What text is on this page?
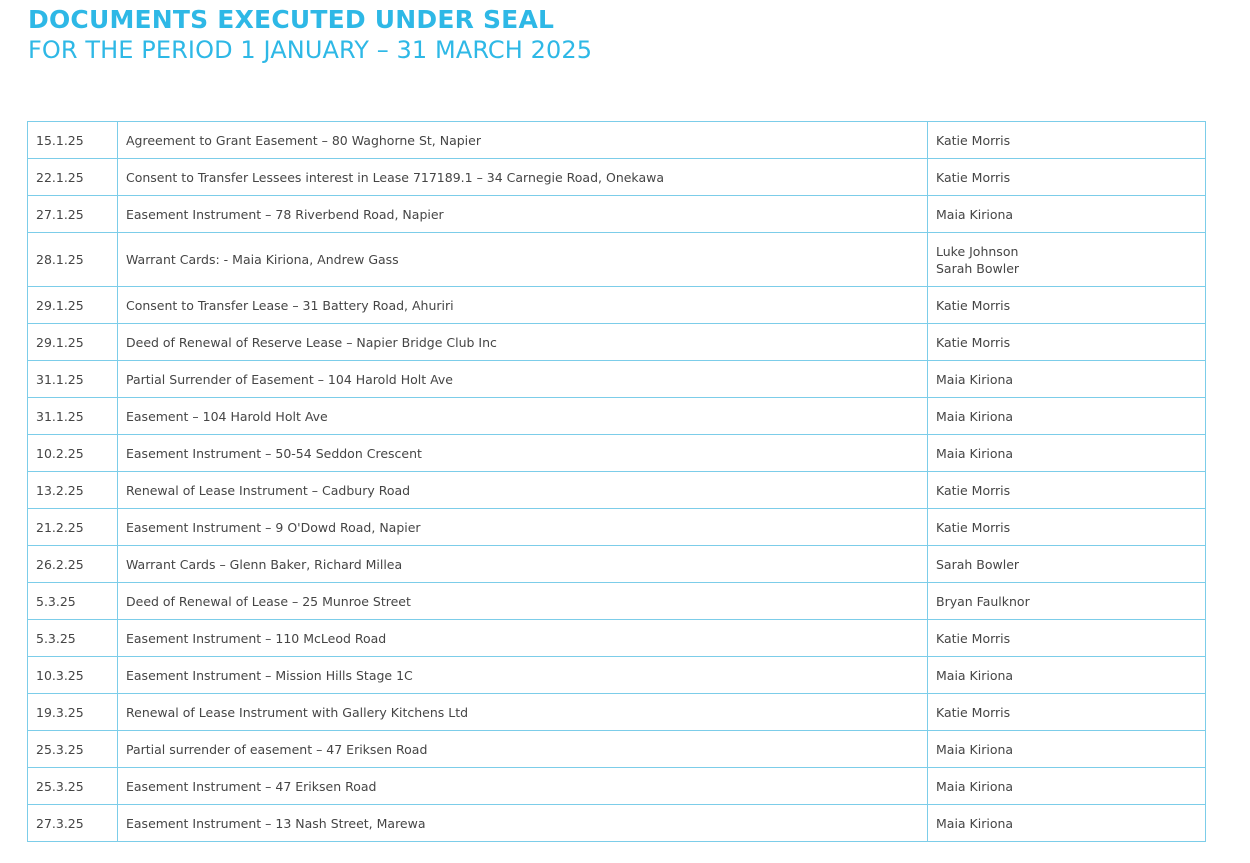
DOCUMENTS EXECUTED UNDER SEAL
FOR THE PERIOD 1 JANUARY – 31 MARCH 2025
15.1.25	Agreement to Grant Easement – 80 Waghorne St, Napier	Katie Morris

22.1.25	Consent to Transfer Lessees interest in Lease 717189.1 – 34 Carnegie Road, Onekawa	Katie Morris

27.1.25	Easement Instrument – 78 Riverbend Road, Napier	Maia Kiriona

28.1.25	Warrant Cards: - Maia Kiriona, Andrew Gass	Luke Johnson
Sarah Bowler

29.1.25	Consent to Transfer Lease – 31 Battery Road, Ahuriri	Katie Morris

29.1.25	Deed of Renewal of Reserve Lease – Napier Bridge Club Inc	Katie Morris

31.1.25	Partial Surrender of Easement – 104 Harold Holt Ave	Maia Kiriona

31.1.25	Easement – 104 Harold Holt Ave	Maia Kiriona

10.2.25	Easement Instrument – 50-54 Seddon Crescent	Maia Kiriona

13.2.25	Renewal of Lease Instrument – Cadbury Road	Katie Morris

21.2.25	Easement Instrument – 9 O'Dowd Road, Napier	Katie Morris

26.2.25	Warrant Cards – Glenn Baker, Richard Millea	Sarah Bowler

5.3.25	Deed of Renewal of Lease – 25 Munroe Street	Bryan Faulknor

5.3.25	Easement Instrument – 110 McLeod Road	Katie Morris

10.3.25	Easement Instrument – Mission Hills Stage 1C	Maia Kiriona

19.3.25	Renewal of Lease Instrument with Gallery Kitchens Ltd	Katie Morris

25.3.25	Partial surrender of easement – 47 Eriksen Road	Maia Kiriona

25.3.25	Easement Instrument – 47 Eriksen Road	Maia Kiriona

27.3.25	Easement Instrument – 13 Nash Street, Marewa	Maia Kiriona
